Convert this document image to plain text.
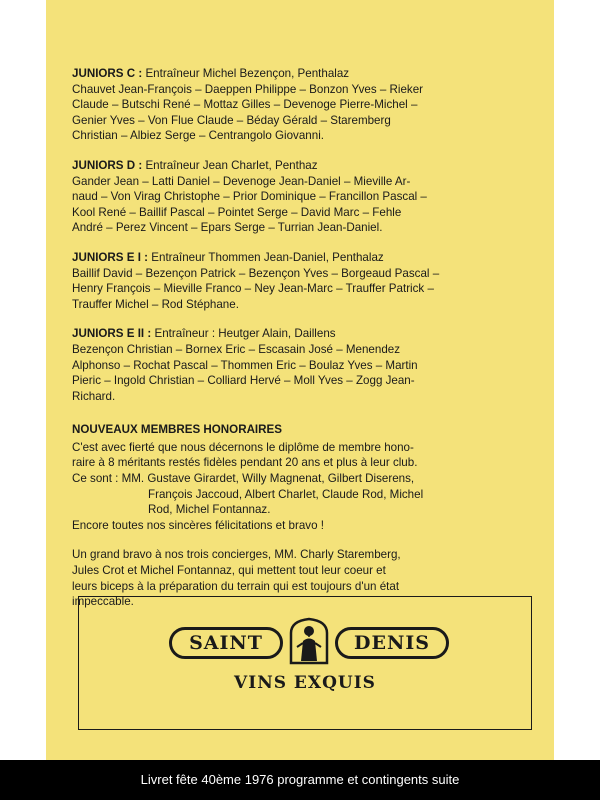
JUNIORS C : Entraîneur Michel Bezençon, Penthalaz
Chauvet Jean-François – Daeppen Philippe – Bonzon Yves – Rieker
Claude – Butschi René – Mottaz Gilles – Devenoge Pierre-Michel –
Genier Yves – Von Flue Claude – Béday Gérald – Staremberg
Christian – Albiez Serge – Centrangolo Giovanni.
JUNIORS D : Entraîneur Jean Charlet, Penthaz
Gander Jean – Latti Daniel – Devenoge Jean-Daniel – Mieville Ar-
naud – Von Virag Christophe – Prior Dominique – Francillon Pascal –
Kool René – Baillif Pascal – Pointet Serge – David Marc – Fehle
André – Perez Vincent – Epars Serge – Turrian Jean-Daniel.
JUNIORS E I : Entraîneur Thommen Jean-Daniel, Penthalaz
Baillif David – Bezençon Patrick – Bezençon Yves – Borgeaud Pascal –
Henry François – Mieville Franco – Ney Jean-Marc – Trauffer Patrick –
Trauffer Michel – Rod Stéphane.
JUNIORS E II : Entraîneur : Heutger Alain, Daillens
Bezençon Christian – Bornex Eric – Escasain José – Menendez
Alphonso – Rochat Pascal – Thommen Eric – Boulaz Yves – Martin
Pieric – Ingold Christian – Colliard Hervé – Moll Yves – Zogg Jean-
Richard.
NOUVEAUX MEMBRES HONORAIRES
C'est avec fierté que nous décernons le diplôme de membre hono-
raire à 8 méritants restés fidèles pendant 20 ans et plus à leur club.
Ce sont : MM. Gustave Girardet, Willy Magnenat, Gilbert Diserens,
François Jaccoud, Albert Charlet, Claude Rod, Michel
Rod, Michel Fontannaz.
Encore toutes nos sincères félicitations et bravo !
Un grand bravo à nos trois concierges, MM. Charly Staremberg,
Jules Crot et Michel Fontannaz, qui mettent tout leur coeur et
leurs biceps à la préparation du terrain qui est toujours d'un état
impeccable.
SAINT	DENIS
VINS EXQUIS
Livret fête 40ème 1976 programme et contingents suite
